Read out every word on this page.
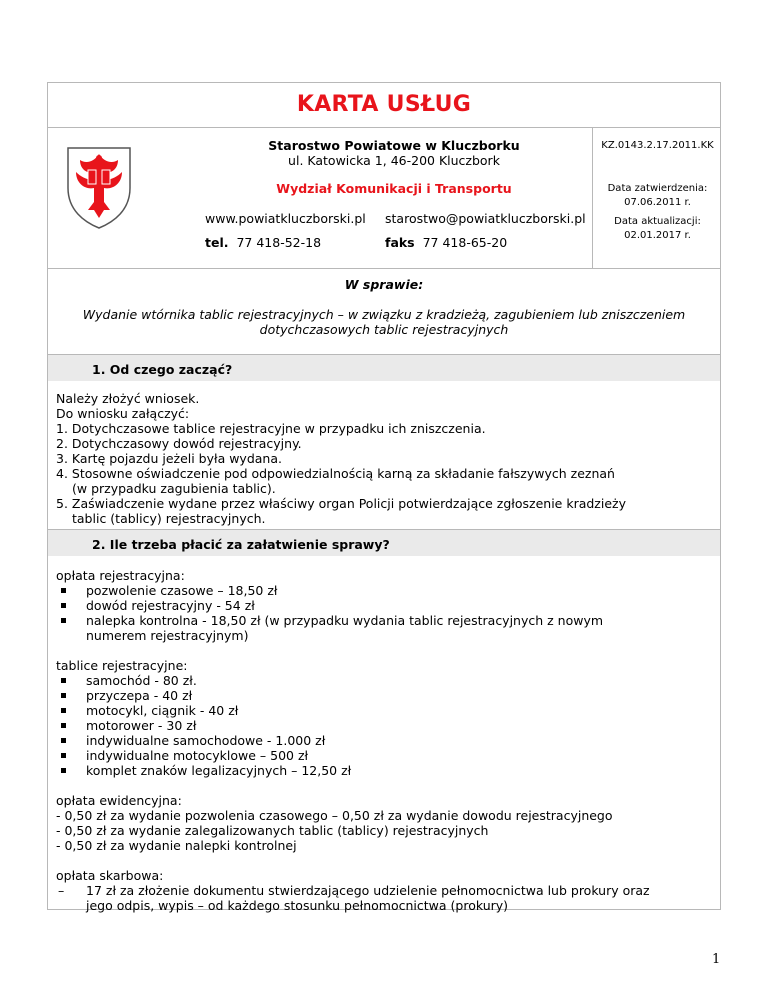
KARTA USŁUG
Starostwo Powiatowe w Kluczborku
ul. Katowicka 1, 46-200 Kluczbork
Wydział Komunikacji i Transportu
www.powiatkluczborski.pl starostwo@powiatkluczborski.pl
tel. 77 418-52-18	faks 77 418-65-20
KZ.0143.2.17.2011.KK
Data zatwierdzenia:
07.06.2011 r.
Data aktualizacji:
02.01.2017 r.
W sprawie:
Wydanie wtórnika tablic rejestracyjnych – w związku z kradzieżą, zagubieniem lub zniszczeniem
dotychczasowych tablic rejestracyjnych
1. Od czego zacząć?
Należy złożyć wniosek.
Do wniosku załączyć:
1. Dotychczasowe tablice rejestracyjne w przypadku ich zniszczenia.
2. Dotychczasowy dowód rejestracyjny.
3. Kartę pojazdu jeżeli była wydana.
4. Stosowne oświadczenie pod odpowiedzialnością karną za składanie fałszywych zeznań
(w przypadku zagubienia tablic).
5. Zaświadczenie wydane przez właściwy organ Policji potwierdzające zgłoszenie kradzieży
tablic (tablicy) rejestracyjnych.
2. Ile trzeba płacić za załatwienie sprawy?
opłata rejestracyjna:
pozwolenie czasowe – 18,50 zł
dowód rejestracyjny - 54 zł
nalepka kontrolna - 18,50 zł (w przypadku wydania tablic rejestracyjnych z nowym
numerem rejestracyjnym)
tablice rejestracyjne:
samochód - 80 zł.
przyczepa - 40 zł
motocykl, ciągnik - 40 zł
motorower - 30 zł
indywidualne samochodowe - 1.000 zł
indywidualne motocyklowe – 500 zł
komplet znaków legalizacyjnych – 12,50 zł
opłata ewidencyjna:
- 0,50 zł za wydanie pozwolenia czasowego – 0,50 zł za wydanie dowodu rejestracyjnego
- 0,50 zł za wydanie zalegalizowanych tablic (tablicy) rejestracyjnych
- 0,50 zł za wydanie nalepki kontrolnej
opłata skarbowa:
– 17 zł za złożenie dokumentu stwierdzającego udzielenie pełnomocnictwa lub prokury oraz
jego odpis, wypis – od każdego stosunku pełnomocnictwa (prokury)
1
